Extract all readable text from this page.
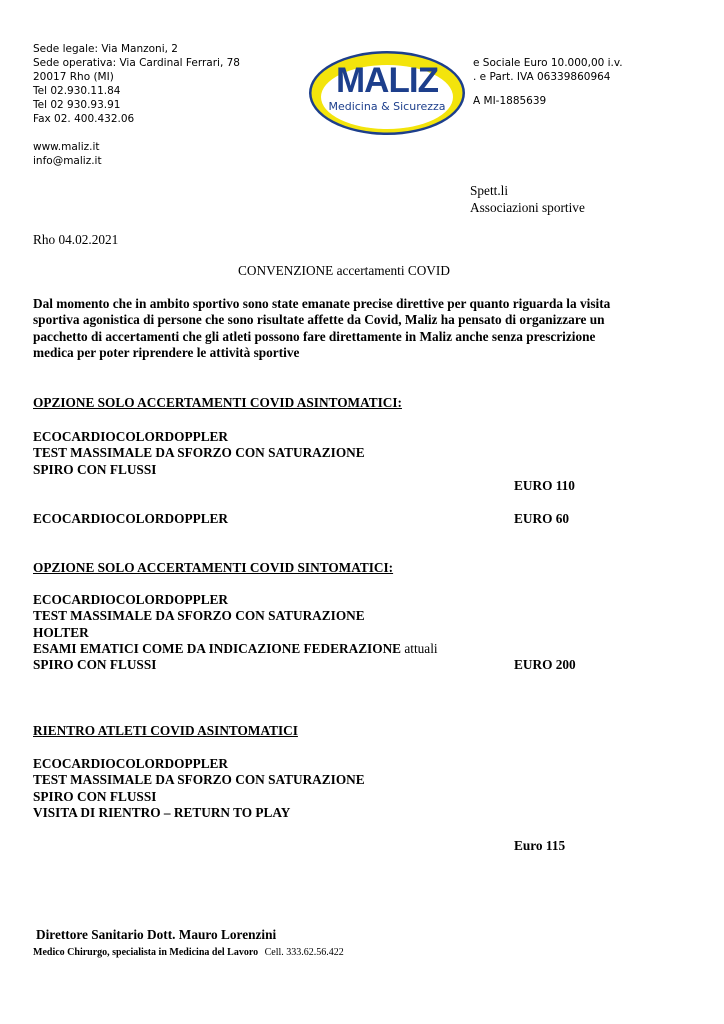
Sede legale: Via Manzoni, 2
Sede operativa: Via Cardinal Ferrari, 78
20017 Rho (MI)
Tel 02.930.11.84
Tel 02 930.93.91
Fax 02. 400.432.06
www.maliz.it
info@maliz.it
MALIZ
Medicina & Sicurezza
e Sociale Euro 10.000,00 i.v.
. e Part. IVA 06339860964
A MI-1885639
Spett.li
Associazioni sportive
Rho 04.02.2021
CONVENZIONE accertamenti COVID
Dal momento che in ambito sportivo sono state emanate precise direttive per quanto riguarda la visita
sportiva agonistica di persone che sono risultate affette da Covid, Maliz ha pensato di organizzare un
pacchetto di accertamenti che gli atleti possono fare direttamente in Maliz anche senza prescrizione
medica per poter riprendere le attività sportive
OPZIONE SOLO ACCERTAMENTI COVID ASINTOMATICI:
ECOCARDIOCOLORDOPPLER
TEST MASSIMALE DA SFORZO CON SATURAZIONE
SPIRO CON FLUSSI
EURO 110
ECOCARDIOCOLORDOPPLER	EURO 60
OPZIONE SOLO ACCERTAMENTI COVID SINTOMATICI:
ECOCARDIOCOLORDOPPLER
TEST MASSIMALE DA SFORZO CON SATURAZIONE
HOLTER
ESAMI EMATICI COME DA INDICAZIONE FEDERAZIONE attuali
SPIRO CON FLUSSI	EURO 200
RIENTRO ATLETI COVID ASINTOMATICI
ECOCARDIOCOLORDOPPLER
TEST MASSIMALE DA SFORZO CON SATURAZIONE
SPIRO CON FLUSSI
VISITA DI RIENTRO – RETURN TO PLAY
Euro 115
Direttore Sanitario Dott. Mauro Lorenzini
Medico Chirurgo, specialista in Medicina del Lavoro Cell. 333.62.56.422
